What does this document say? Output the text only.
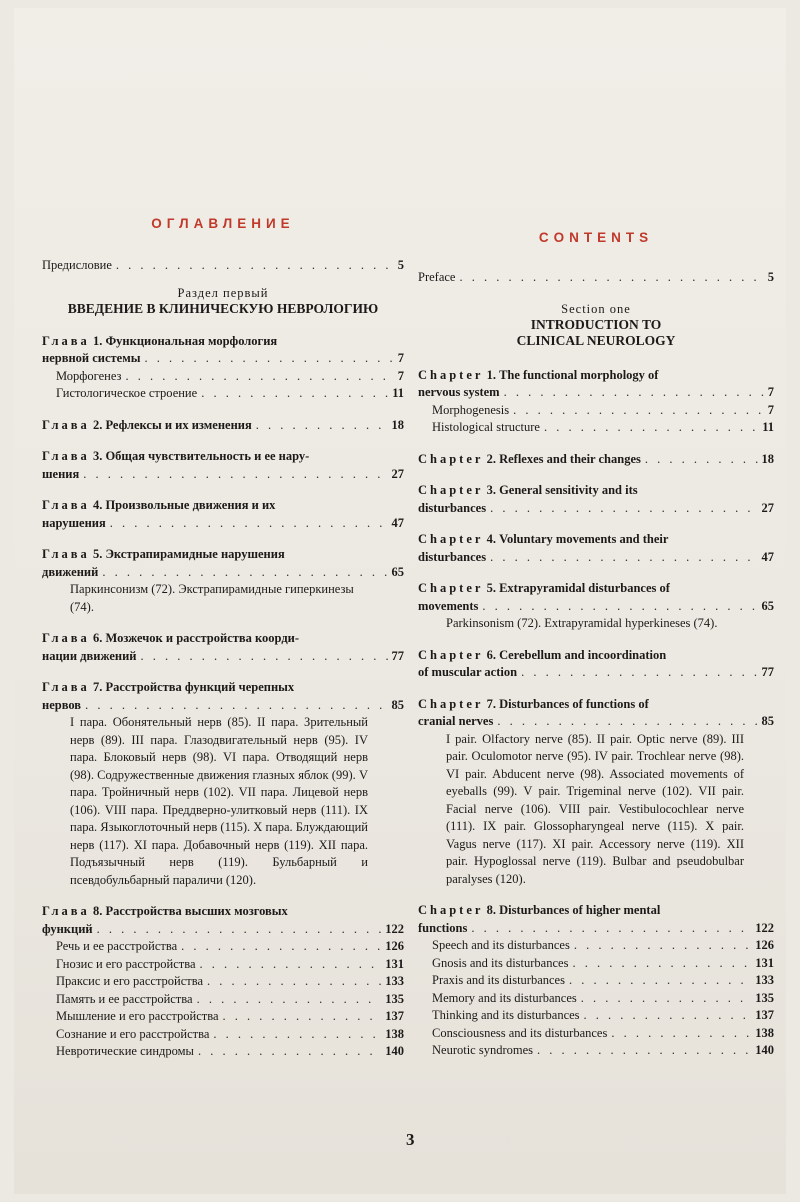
ОГЛАВЛЕНИЕ
Предисловие . . .	5
Раздел первый
ВВЕДЕНИЕ В КЛИНИЧЕСКУЮ НЕВРОЛОГИЮ
Глава 1. Функциональная морфология
нервной системы . . .	7
Морфогенез . . .	7
Гистологическое строение . . .	11
Глава 2. Рефлексы и их изменения . . .	18
Глава 3. Общая чувствительность и ее нару-
шения . . .	27
Глава 4. Произвольные движения и их
нарушения . . .	47
Глава 5. Экстрапирамидные нарушения
движений . . .	65
Паркинсонизм (72). Экстрапирамидные гиперкинезы (74).
Глава 6. Мозжечок и расстройства коорди-
нации движений . . .	77
Глава 7. Расстройства функций черепных
нервов . . .	85
I пара. Обонятельный нерв (85). II пара. Зрительный нерв (89). III пара. Глазодвигательный нерв (95). IV пара. Блоковый нерв (98). VI пара. Отводящий нерв (98). Содружественные движения глазных яблок (99). V пара. Тройничный нерв (102). VII пара. Лицевой нерв (106). VIII пара. Преддверно-улитковый нерв (111). IX пара. Языкоглоточный нерв (115). X пара. Блуждающий нерв (117). XI пара. Добавочный нерв (119). XII пара. Подъязычный нерв (119). Бульбарный и псевдобульбарный параличи (120).
Глава 8. Расстройства высших мозговых
функций . . .	122
Речь и ее расстройства . . .	126
Гнозис и его расстройства . . .	131
Праксис и его расстройства . . .	133
Память и ее расстройства . . .	135
Мышление и его расстройства . . .	137
Сознание и его расстройства . . .	138
Невротические синдромы . . .	140
CONTENTS
Preface . . .	5
Section one
INTRODUCTION TO
CLINICAL NEUROLOGY
Chapter 1. The functional morphology of
nervous system . . .	7
Morphogenesis . . .	7
Histological structure . . .	11
Chapter 2. Reflexes and their changes . . .	18
Chapter 3. General sensitivity and its
disturbances . . .	27
Chapter 4. Voluntary movements and their
disturbances . . .	47
Chapter 5. Extrapyramidal disturbances of
movements . . .	65
Parkinsonism (72). Extrapyramidal hyperkineses (74).
Chapter 6. Cerebellum and incoordination
of muscular action . . .	77
Chapter 7. Disturbances of functions of
cranial nerves . . .	85
I pair. Olfactory nerve (85). II pair. Optic nerve (89). III pair. Oculomotor nerve (95). IV pair. Trochlear nerve (98). VI pair. Abducent nerve (98). Associated movements of eyeballs (99). V pair. Trigeminal nerve (102). VII pair. Facial nerve (106). VIII pair. Vestibulocochlear nerve (111). IX pair. Glossopharyngeal nerve (115). X pair. Vagus nerve (117). XI pair. Accessory nerve (119). XII pair. Hypoglossal nerve (119). Bulbar and pseudobulbar paralyses (120).
Chapter 8. Disturbances of higher mental
functions . . .	122
Speech and its disturbances . . .	126
Gnosis and its disturbances . . .	131
Praxis and its disturbances . . .	133
Memory and its disturbances . . .	135
Thinking and its disturbances . . .	137
Consciousness and its disturbances . . .	138
Neurotic syndromes . . .	140
3
